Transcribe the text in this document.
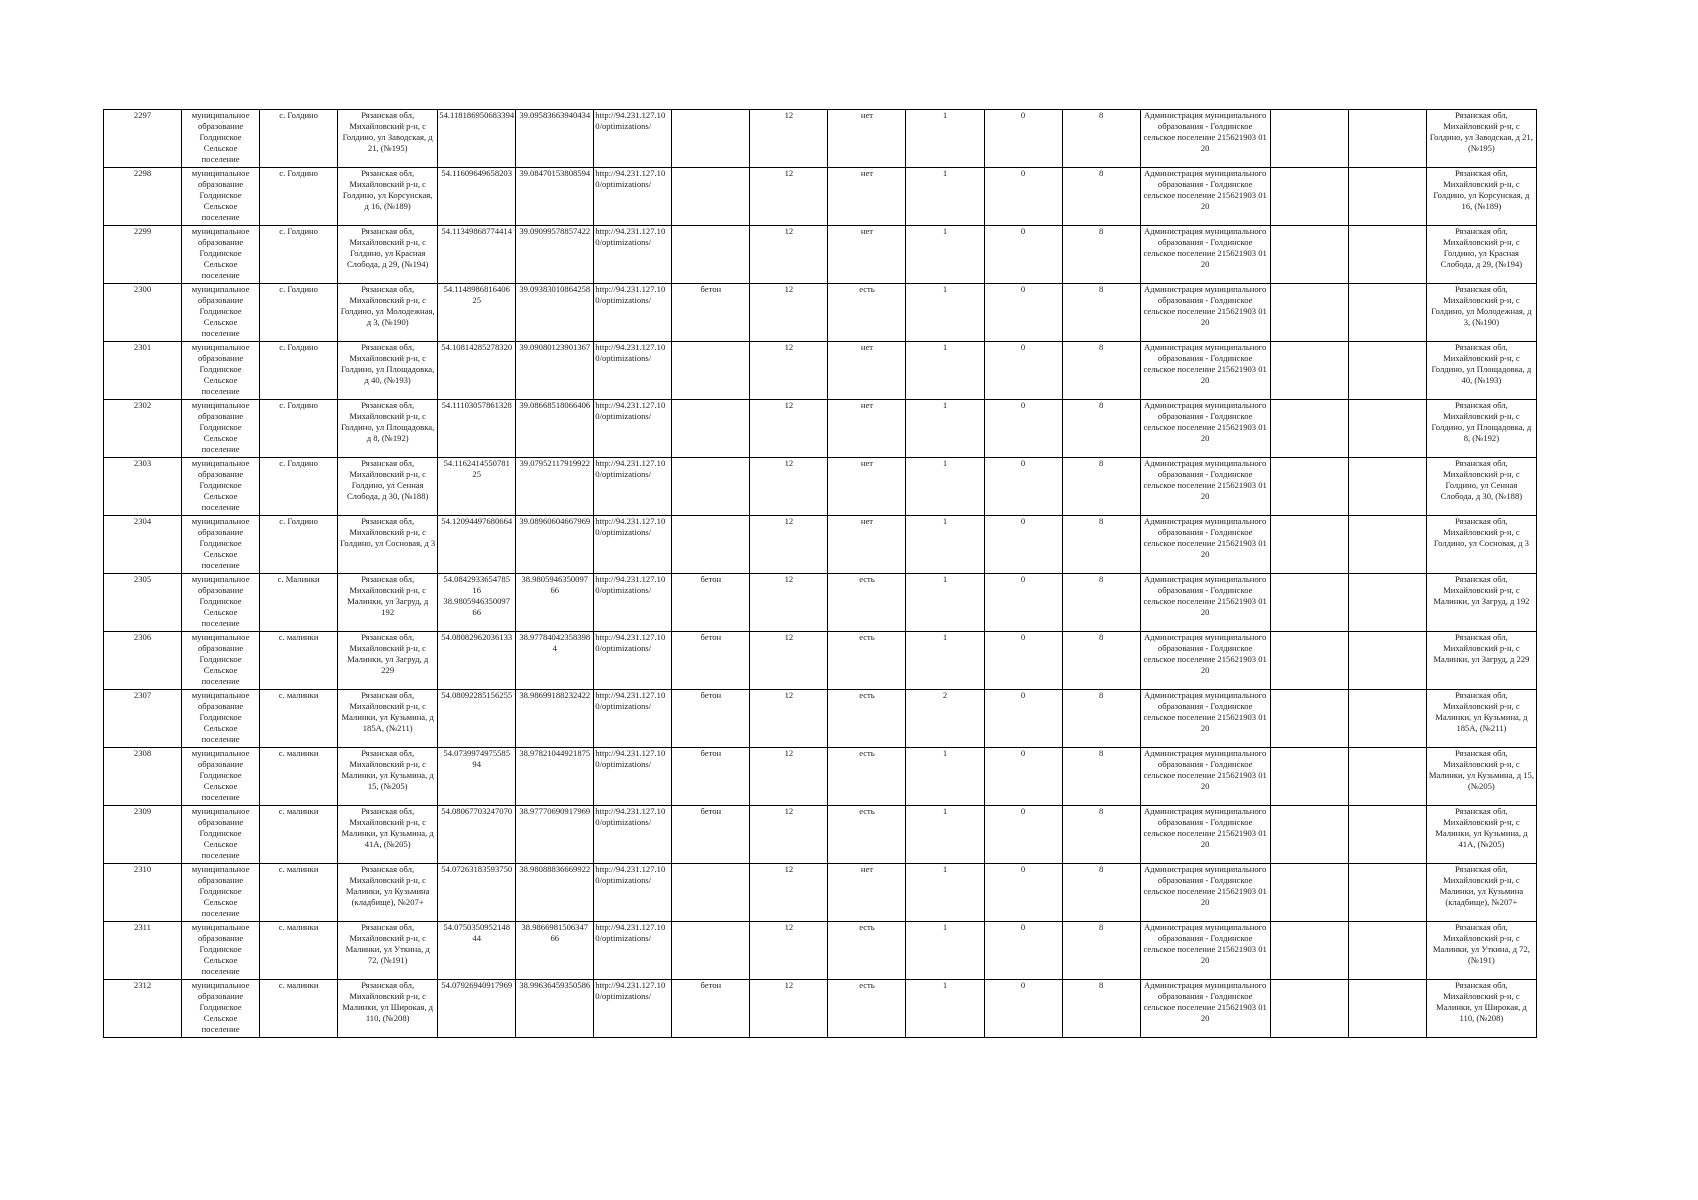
2297	муниципальное образование Голдинское Сельское поселение	с. Голдино	Рязанская обл, Михайловский р-н, с Голдино, ул Заводская, д 21, (№195)	54.118186950683394	39.09583663940434	http://94.231.127.100/optimizations/		12	нет	1	0	8	Администрация муниципального образования - Голдинское сельское поселение 215621903 01 20			Рязанская обл, Михайловский р-н, с Голдино, ул Заводская, д 21, (№195)
2298	муниципальное образование Голдинское Сельское поселение	с. Голдино	Рязанская обл, Михайловский р-н, с Голдино, ул Корсунская, д 16, (№189)	54.11609649658203	39.08470153808594	http://94.231.127.100/optimizations/		12	нет	1	0	8	Администрация муниципального образования - Голдинское сельское поселение 215621903 01 20			Рязанская обл, Михайловский р-н, с Голдино, ул Корсунская, д 16, (№189)
2299	муниципальное образование Голдинское Сельское поселение	с. Голдино	Рязанская обл, Михайловский р-н, с Голдино, ул Красная Слобода, д 29, (№194)	54.11349868774414	39.09099578857422	http://94.231.127.100/optimizations/		12	нет	1	0	8	Администрация муниципального образования - Голдинское сельское поселение 215621903 01 20			Рязанская обл, Михайловский р-н, с Голдино, ул Красная Слобода, д 29, (№194)
2300	муниципальное образование Голдинское Сельское поселение	с. Голдино	Рязанская обл, Михайловский р-н, с Голдино, ул Молодежная, д 3, (№190)	54.1148986816406 25	39.09383010864258	http://94.231.127.100/optimizations/	бетон	12	есть	1	0	8	Администрация муниципального образования - Голдинское сельское поселение 215621903 01 20			Рязанская обл, Михайловский р-н, с Голдино, ул Молодежная, д 3, (№190)
2301	муниципальное образование Голдинское Сельское поселение	с. Голдино	Рязанская обл, Михайловский р-н, с Голдино, ул Площадовка, д 40, (№193)	54.10814285278320	39.09080123901367	http://94.231.127.100/optimizations/		12	нет	1	0	8	Администрация муниципального образования - Голдинское сельское поселение 215621903 01 20			Рязанская обл, Михайловский р-н, с Голдино, ул Площадовка, д 40, (№193)
2302	муниципальное образование Голдинское Сельское поселение	с. Голдино	Рязанская обл, Михайловский р-н, с Голдино, ул Площадовка, д 8, (№192)	54.11103057861328	39.08668518066406	http://94.231.127.100/optimizations/		12	нет	1	0	8	Администрация муниципального образования - Голдинское сельское поселение 215621903 01 20			Рязанская обл, Михайловский р-н, с Голдино, ул Площадовка, д 8, (№192)
2303	муниципальное образование Голдинское Сельское поселение	с. Голдино	Рязанская обл, Михайловский р-н, с Голдино, ул Сенная Слобода, д 30, (№188)	54.1162414550781 25	39.07952117919922	http://94.231.127.100/optimizations/		12	нет	1	0	8	Администрация муниципального образования - Голдинское сельское поселение 215621903 01 20			Рязанская обл, Михайловский р-н, с Голдино, ул Сенная Слобода, д 30, (№188)
2304	муниципальное образование Голдинское Сельское поселение	с. Голдино	Рязанская обл, Михайловский р-н, с Голдино, ул Сосновая, д 3	54.12094497680664	39.08960604667969	http://94.231.127.100/optimizations/		12	нет	1	0	8	Администрация муниципального образования - Голдинское сельское поселение 215621903 01 20			Рязанская обл, Михайловский р-н, с Голдино, ул Сосновая, д 3
2305	муниципальное образование Голдинское Сельское поселение	с. Малинки	Рязанская обл, Михайловский р-н, с Малинки, ул Загруд, д 192	54.0842933654785 16 38.9805946350097 66	38.9805946350097 66	http://94.231.127.100/optimizations/	бетон	12	есть	1	0	8	Администрация муниципального образования - Голдинское сельское поселение 215621903 01 20			Рязанская обл, Михайловский р-н, с Малинки, ул Загруд, д 192
2306	муниципальное образование Голдинское Сельское поселение	с. малинки	Рязанская обл, Михайловский р-н, с Малинки, ул Загруд, д 229	54.08082962036133	38.97784042358398 4	http://94.231.127.100/optimizations/	бетон	12	есть	1	0	8	Администрация муниципального образования - Голдинское сельское поселение 215621903 01 20			Рязанская обл, Михайловский р-н, с Малинки, ул Загруд, д 229
2307	муниципальное образование Голдинское Сельское поселение	с. малинки	Рязанская обл, Михайловский р-н, с Малинки, ул Кузьмина, д 185А, (№211)	54.08092285156255	38.98699188232422	http://94.231.127.100/optimizations/	бетон	12	есть	2	0	8	Администрация муниципального образования - Голдинское сельское поселение 215621903 01 20			Рязанская обл, Михайловский р-н, с Малинки, ул Кузьмина, д 185А, (№211)
2308	муниципальное образование Голдинское Сельское поселение	с. малинки	Рязанская обл, Михайловский р-н, с Малинки, ул Кузьмина, д 15, (№205)	54.0739974975585 94	38.97821044921875	http://94.231.127.100/optimizations/	бетон	12	есть	1	0	8	Администрация муниципального образования - Голдинское сельское поселение 215621903 01 20			Рязанская обл, Михайловский р-н, с Малинки, ул Кузьмина, д 15, (№205)
2309	муниципальное образование Голдинское Сельское поселение	с. малинки	Рязанская обл, Михайловский р-н, с Малинки, ул Кузьмина, д 41А, (№205)	54.08067703247070	38.97770690917969	http://94.231.127.100/optimizations/	бетон	12	есть	1	0	8	Администрация муниципального образования - Голдинское сельское поселение 215621903 01 20			Рязанская обл, Михайловский р-н, с Малинки, ул Кузьмина, д 41А, (№205)
2310	муниципальное образование Голдинское Сельское поселение	с. малинки	Рязанская обл, Михайловский р-н, с Малинки, ул Кузьмина (кладбище), №207+	54.07263183593750	38.98088836669922	http://94.231.127.100/optimizations/		12	нет	1	0	8	Администрация муниципального образования - Голдинское сельское поселение 215621903 01 20			Рязанская обл, Михайловский р-н, с Малинки, ул Кузьмина (кладбище), №207+
2311	муниципальное образование Голдинское Сельское поселение	с. малинки	Рязанская обл, Михайловский р-н, с Малинки, ул Уткина, д 72, (№191)	54.0750350952148 44	38.9866981506347 66	http://94.231.127.100/optimizations/		12	есть	1	0	8	Администрация муниципального образования - Голдинское сельское поселение 215621903 01 20			Рязанская обл, Михайловский р-н, с Малинки, ул Уткина, д 72, (№191)
2312	муниципальное образование Голдинское Сельское поселение	с. малинки	Рязанская обл, Михайловский р-н, с Малинки, ул Широкая, д 110, (№208)	54.07926940917969	38.99636459350586	http://94.231.127.100/optimizations/	бетон	12	есть	1	0	8	Администрация муниципального образования - Голдинское сельское поселение 215621903 01 20			Рязанская обл, Михайловский р-н, с Малинки, ул Широкая, д 110, (№208)
